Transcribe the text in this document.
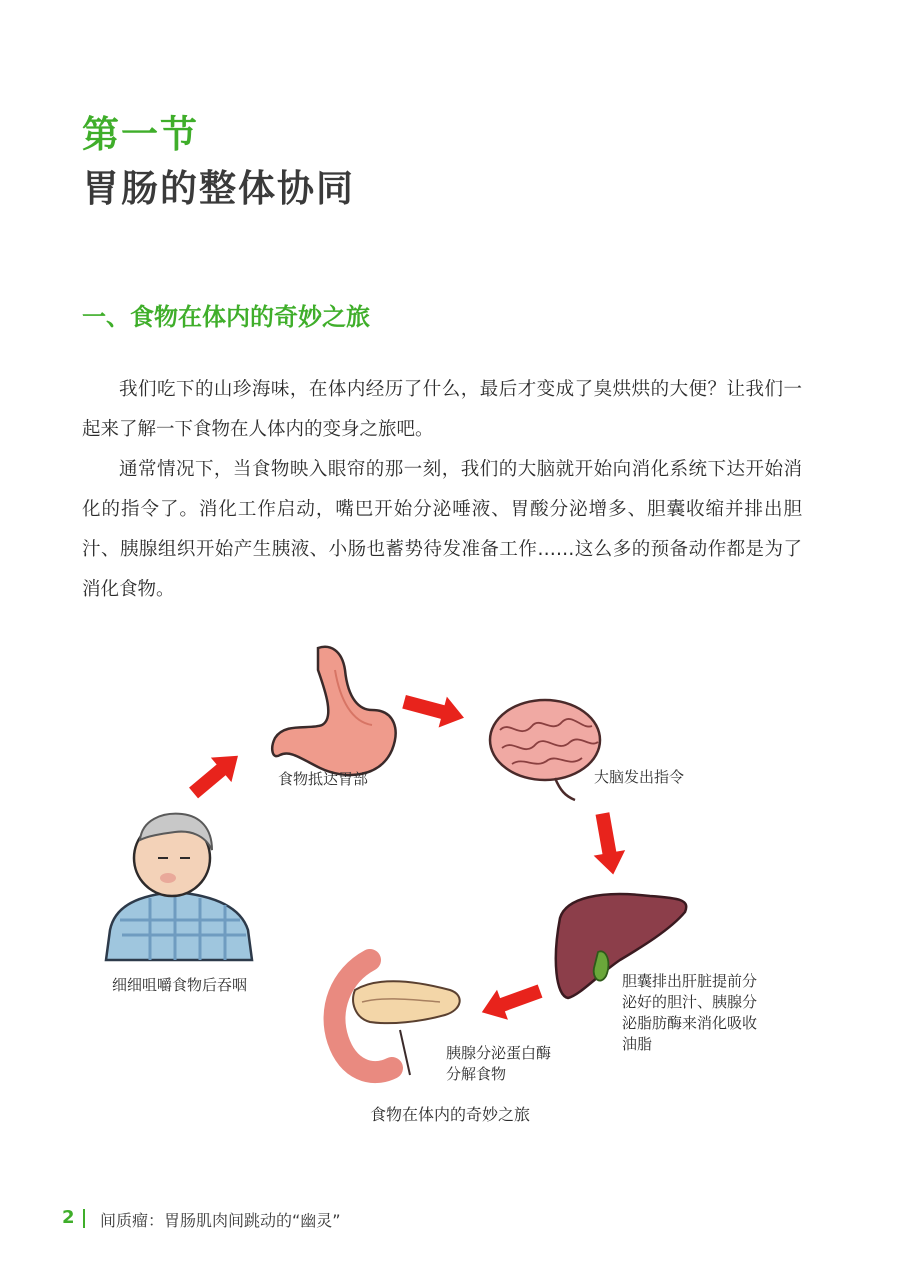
第一节
胃肠的整体协同
一、食物在体内的奇妙之旅

我们吃下的山珍海味，在体内经历了什么，最后才变成了臭烘烘的大便？让我们一起来了解一下食物在人体内的变身之旅吧。

通常情况下，当食物映入眼帘的那一刻，我们的大脑就开始向消化系统下达开始消化的指令了。消化工作启动，嘴巴开始分泌唾液、胃酸分泌增多、胆囊收缩并排出胆汁、胰腺组织开始产生胰液、小肠也蓄势待发准备工作……这么多的预备动作都是为了消化食物。

细细咀嚼食物后吞咽
食物抵达胃部	大脑发出指令
胆囊排出肝脏提前分
泌好的胆汁、胰腺分
泌脂肪酶来消化吸收
油脂
胰腺分泌蛋白酶
分解食物
食物在体内的奇妙之旅
2 间质瘤：胃肠肌肉间跳动的“幽灵”
